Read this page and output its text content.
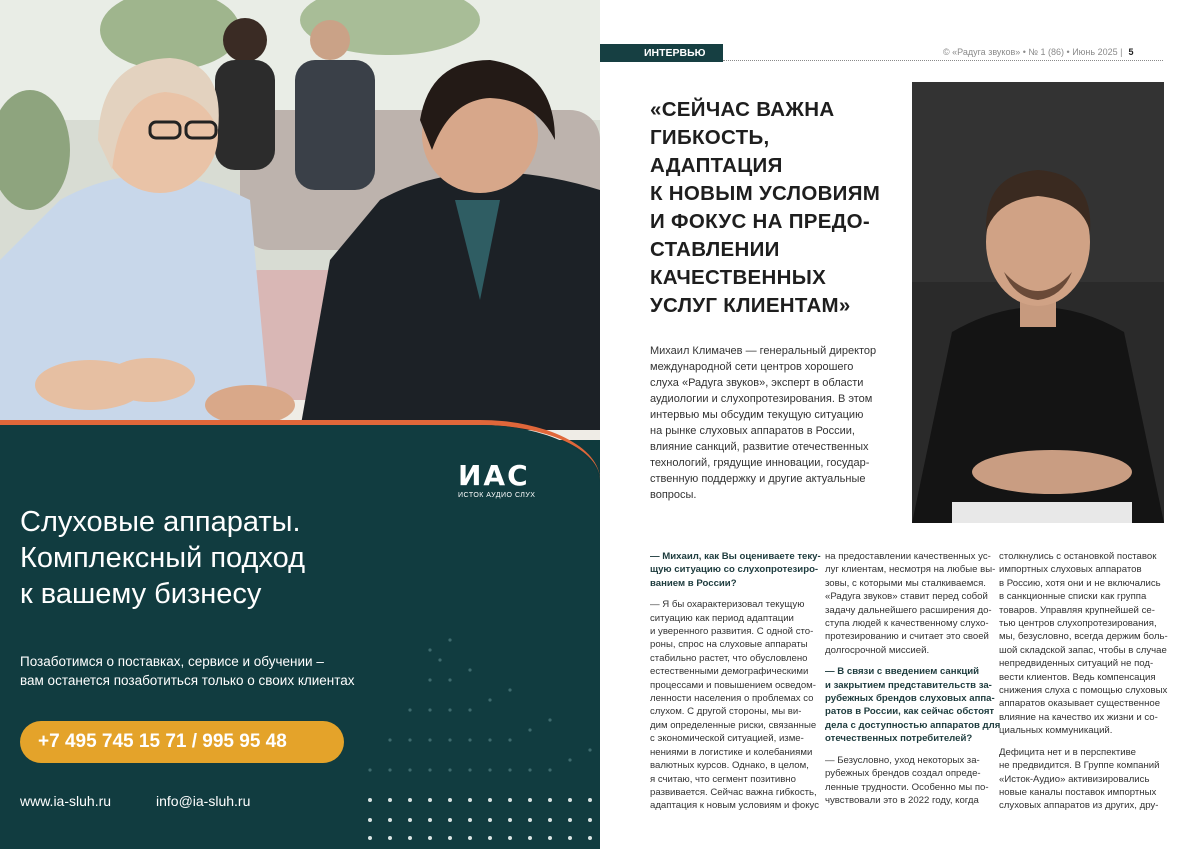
ИАС
ИСТОК АУДИО СЛУХ
Слуховые аппараты.
Комплексный подход
к вашему бизнесу
Позаботимся о поставках, сервисе и обучении –
вам останется позаботиться только о своих клиентах
+7 495 745 15 71 / 995 95 48
www.ia-sluh.ru	info@ia-sluh.ru
ИНТЕРВЬЮ	© «Радуга звуков» • № 1 (86) • Июнь 2025 | 5
«СЕЙЧАС ВАЖНА
ГИБКОСТЬ,
АДАПТАЦИЯ
К НОВЫМ УСЛОВИЯМ
И ФОКУС НА ПРЕДО-
СТАВЛЕНИИ
КАЧЕСТВЕННЫХ
УСЛУГ КЛИЕНТАМ»
Михаил Климачев — генеральный директор
международной сети центров хорошего
слуха «Радуга звуков», эксперт в области
аудиологии и слухопротезирования. В этом
интервью мы обсудим текущую ситуацию
на рынке слуховых аппаратов в России,
влияние санкций, развитие отечественных
технологий, грядущие инновации, государ-
ственную поддержку и другие актуальные
вопросы.
— Михаил, как Вы оцениваете теку-
щую ситуацию со слухопротезиро-
ванием в России?
— Я бы охарактеризовал текущую
ситуацию как период адаптации
и уверенного развития. С одной сто-
роны, спрос на слуховые аппараты
стабильно растет, что обусловлено
естественными демографическими
процессами и повышением осведом-
ленности населения о проблемах со
слухом. С другой стороны, мы ви-
дим определенные риски, связанные
с экономической ситуацией, изме-
нениями в логистике и колебаниями
валютных курсов. Однако, в целом,
я считаю, что сегмент позитивно
развивается. Сейчас важна гибкость,
адаптация к новым условиям и фокус
на предоставлении качественных ус-
луг клиентам, несмотря на любые вы-
зовы, с которыми мы сталкиваемся.
«Радуга звуков» ставит перед собой
задачу дальнейшего расширения до-
ступа людей к качественному слухо-
протезированию и считает это своей
долгосрочной миссией.
— В связи с введением санкций
и закрытием представительств за-
рубежных брендов слуховых аппа-
ратов в России, как сейчас обстоят
дела с доступностью аппаратов для
отечественных потребителей?
— Безусловно, уход некоторых за-
рубежных брендов создал опреде-
ленные трудности. Особенно мы по-
чувствовали это в 2022 году, когда
столкнулись с остановкой поставок
импортных слуховых аппаратов
в Россию, хотя они и не включались
в санкционные списки как группа
товаров. Управляя крупнейшей се-
тью центров слухопротезирования,
мы, безусловно, всегда держим боль-
шой складской запас, чтобы в случае
непредвиденных ситуаций не под-
вести клиентов. Ведь компенсация
снижения слуха с помощью слуховых
аппаратов оказывает существенное
влияние на качество их жизни и со-
циальных коммуникаций.
Дефицита нет и в перспективе
не предвидится. В Группе компаний
«Исток-Аудио» активизировались
новые каналы поставок импортных
слуховых аппаратов из других, дру-
